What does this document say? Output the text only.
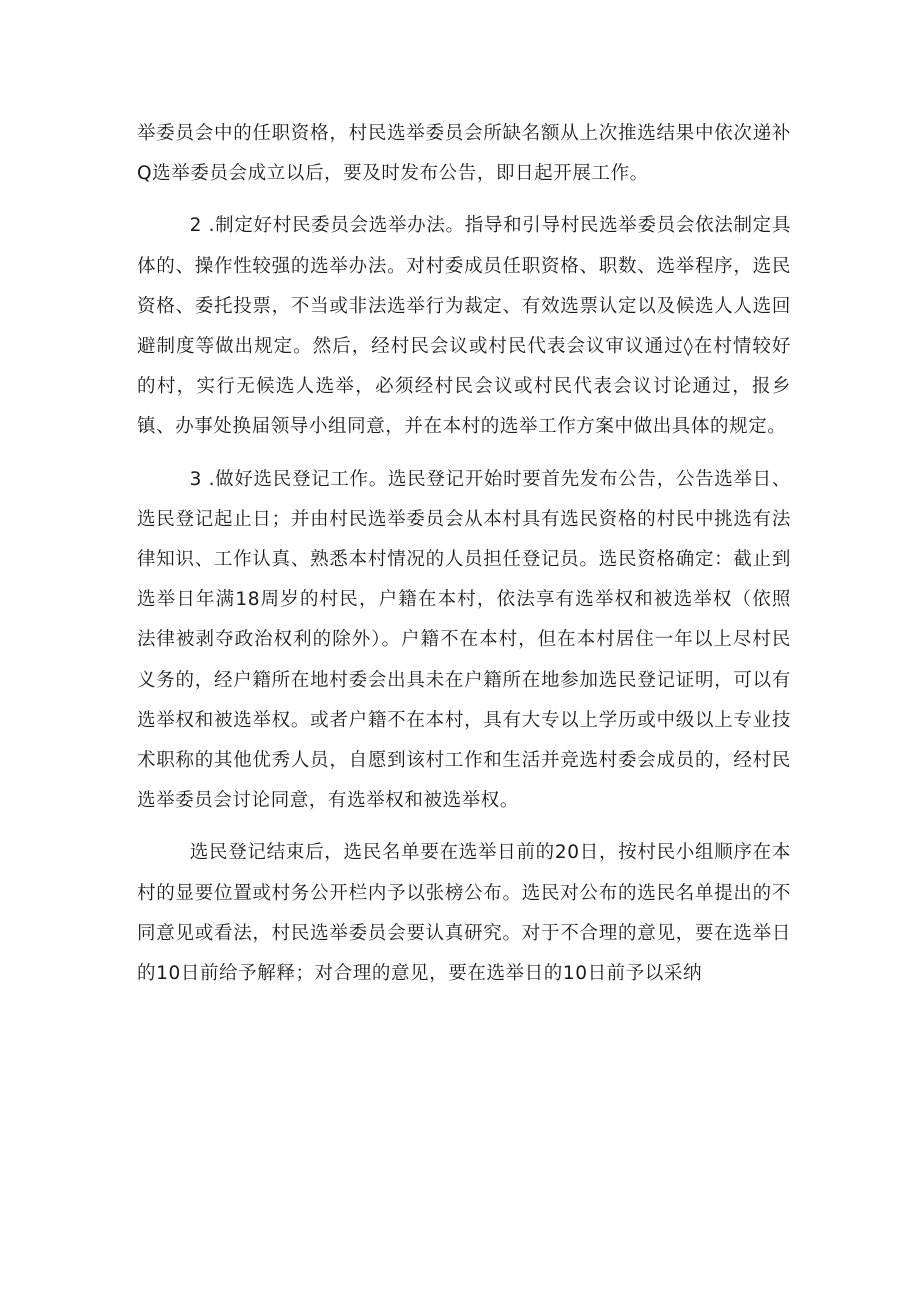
举委员会中的任职资格，村民选举委员会所缺名额从上次推选结果中依次递补Q选举委员会成立以后，要及时发布公告，即日起开展工作。

2 .制定好村民委员会选举办法。指导和引导村民选举委员会依法制定具体的、操作性较强的选举办法。对村委成员任职资格、职数、选举程序，选民资格、委托投票，不当或非法选举行为裁定、有效选票认定以及候选人人选回避制度等做出规定。然后，经村民会议或村民代表会议审议通过◊在村情较好的村，实行无候选人选举，必须经村民会议或村民代表会议讨论通过，报乡镇、办事处换届领导小组同意，并在本村的选举工作方案中做出具体的规定。

3 .做好选民登记工作。选民登记开始时要首先发布公告，公告选举日、选民登记起止日；并由村民选举委员会从本村具有选民资格的村民中挑选有法律知识、工作认真、熟悉本村情况的人员担任登记员。选民资格确定：截止到选举日年满18周岁的村民，户籍在本村，依法享有选举权和被选举权（依照法律被剥夺政治权利的除外）。户籍不在本村，但在本村居住一年以上尽村民义务的，经户籍所在地村委会出具未在户籍所在地参加选民登记证明，可以有选举权和被选举权。或者户籍不在本村，具有大专以上学历或中级以上专业技术职称的其他优秀人员，自愿到该村工作和生活并竞选村委会成员的，经村民选举委员会讨论同意，有选举权和被选举权。

选民登记结束后，选民名单要在选举日前的20日，按村民小组顺序在本村的显要位置或村务公开栏内予以张榜公布。选民对公布的选民名单提出的不同意见或看法，村民选举委员会要认真研究。对于不合理的意见，要在选举日的10日前给予解释；对合理的意见，要在选举日的10日前予以采纳
